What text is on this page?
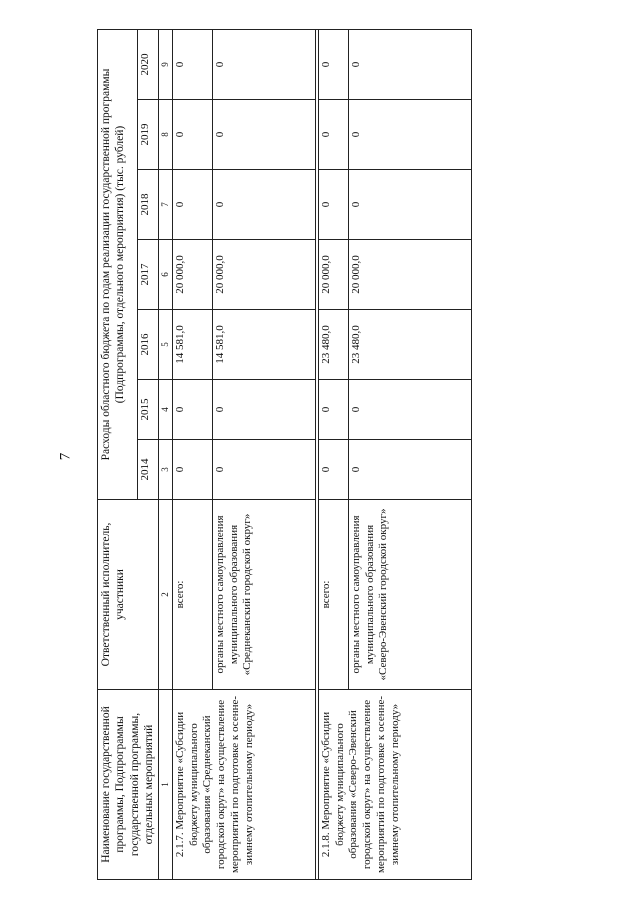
7
Наименование государственной программы, Подпрограммы государственной программы, отдельных мероприятий	Ответственный исполнитель, участники	Расходы областного бюджета по годам реализации государственной программы (Подпрограммы, отдельного мероприятия) (тыс. рублей)						
		2014	2015	2016	2017	2018	2019	2020
1	2	3	4	5	6	7	8	9
2.1.7. Мероприятие «Субсидии бюджету муниципального образования «Среднеканский городской округ» на осуществление мероприятий по подготовке к осенне-зимнему отопительному периоду»	всего:	0	0	14 581,0	20 000,0	0	0	0
	органы местного самоуправления муниципального образования «Среднеканский городской округ»	0	0	14 581,0	20 000,0	0	0	0

2.1.8. Мероприятие «Субсидии бюджету муниципального образования «Северо-Эвенский городской округ» на осуществление мероприятий по подготовке к осенне-зимнему отопительному периоду»	всего:	0	0	23 480,0	20 000,0	0	0	0
	органы местного самоуправления муниципального образования «Северо-Эвенский городской округ»	0	0	23 480,0	20 000,0	0	0	0
